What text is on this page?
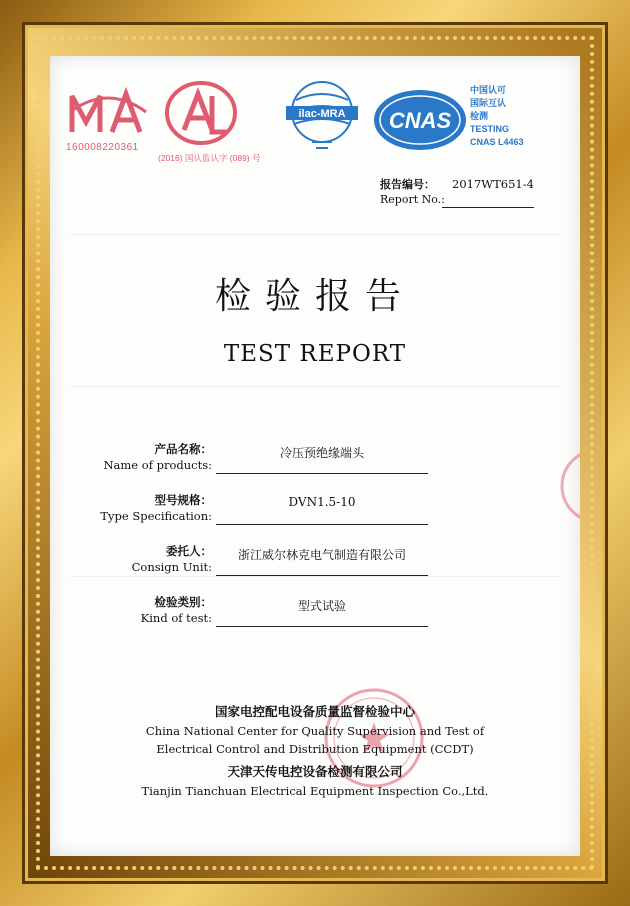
160008220361
(2016) 国认监认字 (089) 号
ilac-MRA CNAS
中国认可
国际互认
检测
TESTING
CNAS L4463
报告编号：
Report No.:
2017WT651-4
检验报告
TEST REPORT
产品名称：
Name of products:
冷压预绝缘端头
型号规格：
Type Specification:
DVN1.5-10
委托人：
Consign Unit:
浙江威尔林克电气制造有限公司
检验类别：
Kind of test:
型式试验
国家电控配电设备质量监督检验中心
China National Center for Quality Supervision and Test of
Electrical Control and Distribution Equipment (CCDT)
天津天传电控设备检测有限公司
Tianjin Tianchuan Electrical Equipment Inspection Co.,Ltd.
